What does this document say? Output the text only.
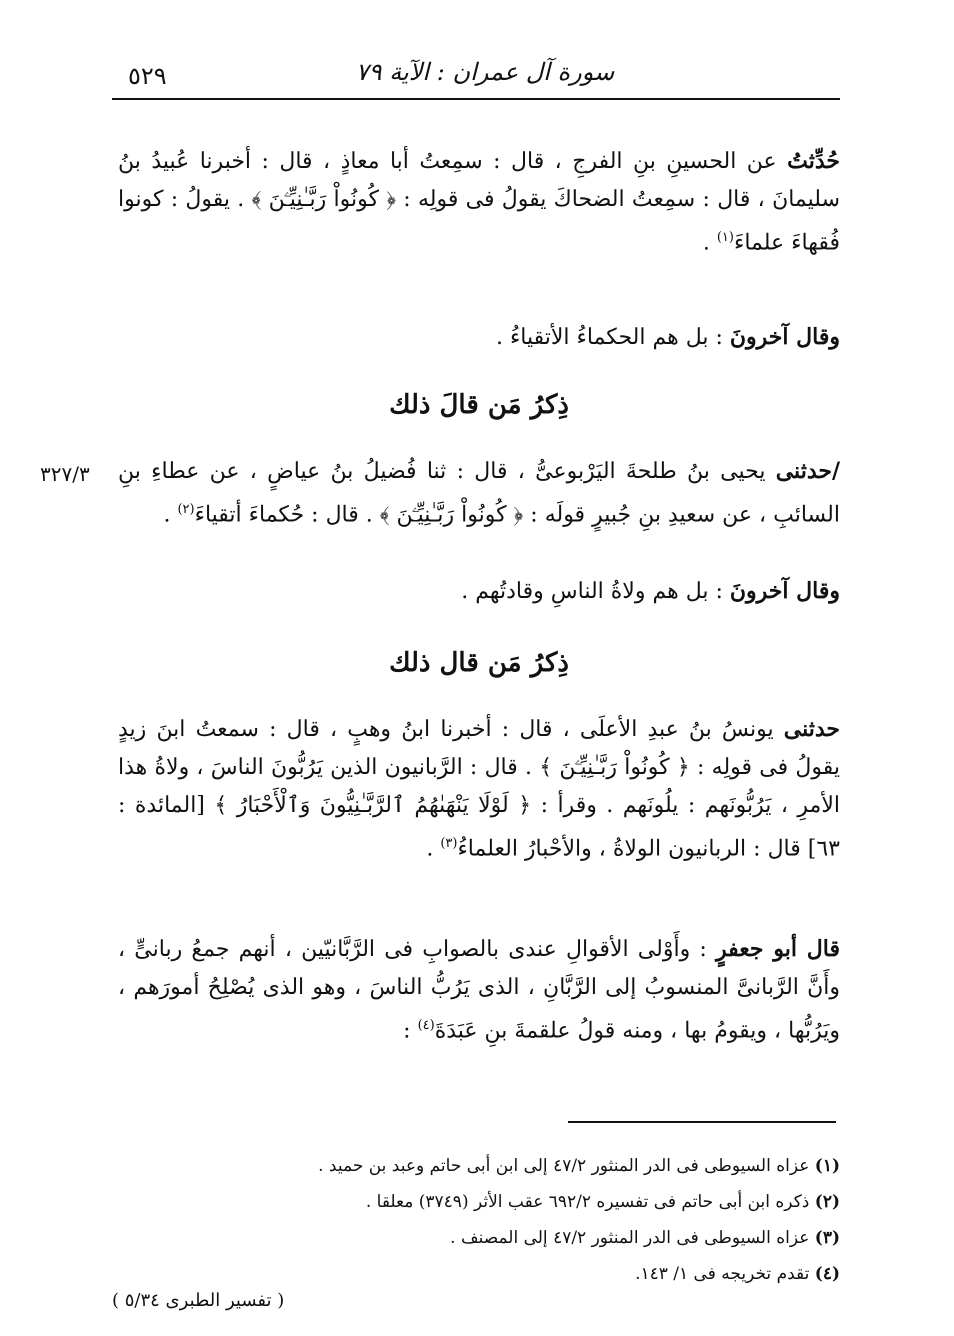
٥٢٩	سورة آل عمران : الآية ٧٩
حُدِّثتُ عن الحسينِ بنِ الفرجِ ، قال : سمِعتُ أبا معاذٍ ، قال : أخبرنا عُبيدُ بنُ سليمانَ ، قال : سمِعتُ الضحاكَ يقولُ فى قولِه : ﴿ كُونُواْ رَبَّـٰنِيِّـۧنَ ﴾ . يقولُ : كونوا فُقهاءَ علماءَ$^{(١)}$ .
وقال آخرونَ : بل هم الحكماءُ الأتقياءُ .
ذِكرُ مَن قالَ ذلك
٣٢٧/٣	/حدثنى يحيى بنُ طلحةَ اليَرْبوعىُّ ، قال : ثنا فُضيلُ بنُ عياضٍ ، عن عطاءِ بنِ السائبِ ، عن سعيدِ بنِ جُبيرٍ قولَه : ﴿ كُونُواْ رَبَّـٰنِيِّـۧنَ ﴾ . قال : حُكماءَ أتقياءَ$^{(٢)}$ .
وقال آخرونَ : بل هم ولاةُ الناسِ وقادتُهم .
ذِكرُ مَن قال ذلك
حدثنى يونسُ بنُ عبدِ الأعلَى ، قال : أخبرنا ابنُ وهبٍ ، قال : سمعتُ ابنَ زيدٍ يقولُ فى قولِه : ﴿ كُونُواْ رَبَّـٰنِيِّـۧنَ ﴾ . قال : الرَّبانيون الذين يَرُبُّونَ الناسَ ، ولاةُ هذا الأمرِ ، يَرُبُّونَهم : يلُونَهم . وقرأ : ﴿ لَوْلَا يَنْهَىٰهُمُ ٱلرَّبَّـٰنِيُّونَ وَٱلْأَحْبَارُ ﴾ [المائدة : ٦٣] قال : الربانيون الولاةُ ، والأحْبارُ العلماءُ$^{(٣)}$ .
قال أبو جعفرٍ : وأَوْلى الأقوالِ عندى بالصوابِ فى الرَّبَّانيّين ، أنهم جمعُ ربانىٍّ ، وأَنَّ الرَّبانىَّ المنسوبُ إلى الرَّبَّانِ ، الذى يَرُبُّ الناسَ ، وهو الذى يُصْلِحُ أمورَهم ، ويَرُبُّها ، ويقومُ بها ، ومنه قولُ علقمةَ بنِ عَبَدَةَ$^{(٤)}$ :
(١) عزاه السيوطى فى الدر المنثور ٤٧/٢ إلى ابن أبى حاتم وعبد بن حميد .
(٢) ذكره ابن أبى حاتم فى تفسيره ٦٩٢/٢ عقب الأثر (٣٧٤٩) معلقا .
(٣) عزاه السيوطى فى الدر المنثور ٤٧/٢ إلى المصنف .
(٤) تقدم تخريجه فى ١/ ١٤٣.
( تفسير الطبرى ٥/٣٤ )
